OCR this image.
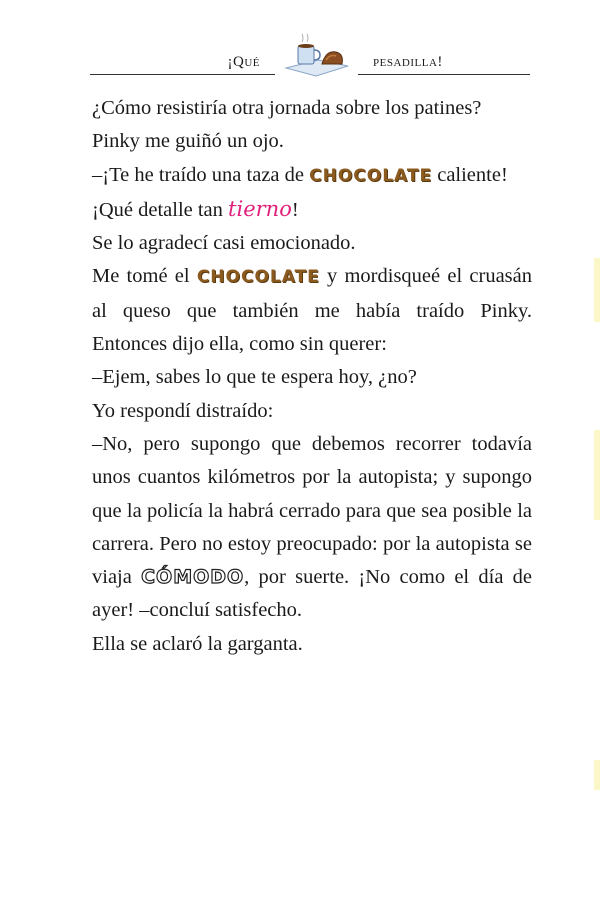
¡Qué	pesadilla!

¿Cómo resistiría otra jornada sobre los patines?

Pinky me guiñó un ojo.

–¡Te he traído una taza de CHOCOLATE caliente!

¡Qué detalle tan tierno!

Se lo agradecí casi emocionado.

Me tomé el CHOCOLATE y mordisqueé el cruasán al queso que también me había traído Pinky. Entonces dijo ella, como sin querer:

–Ejem, sabes lo que te espera hoy, ¿no?

Yo respondí distraído:

–No, pero supongo que debemos recorrer todavía unos cuantos kilómetros por la autopista; y supongo que la policía la habrá cerrado para que sea posible la carrera. Pero no estoy preocupado: por la autopista se viaja CÓMODO, por suerte. ¡No como el día de ayer! –concluí satisfecho.

Ella se aclaró la garganta.
